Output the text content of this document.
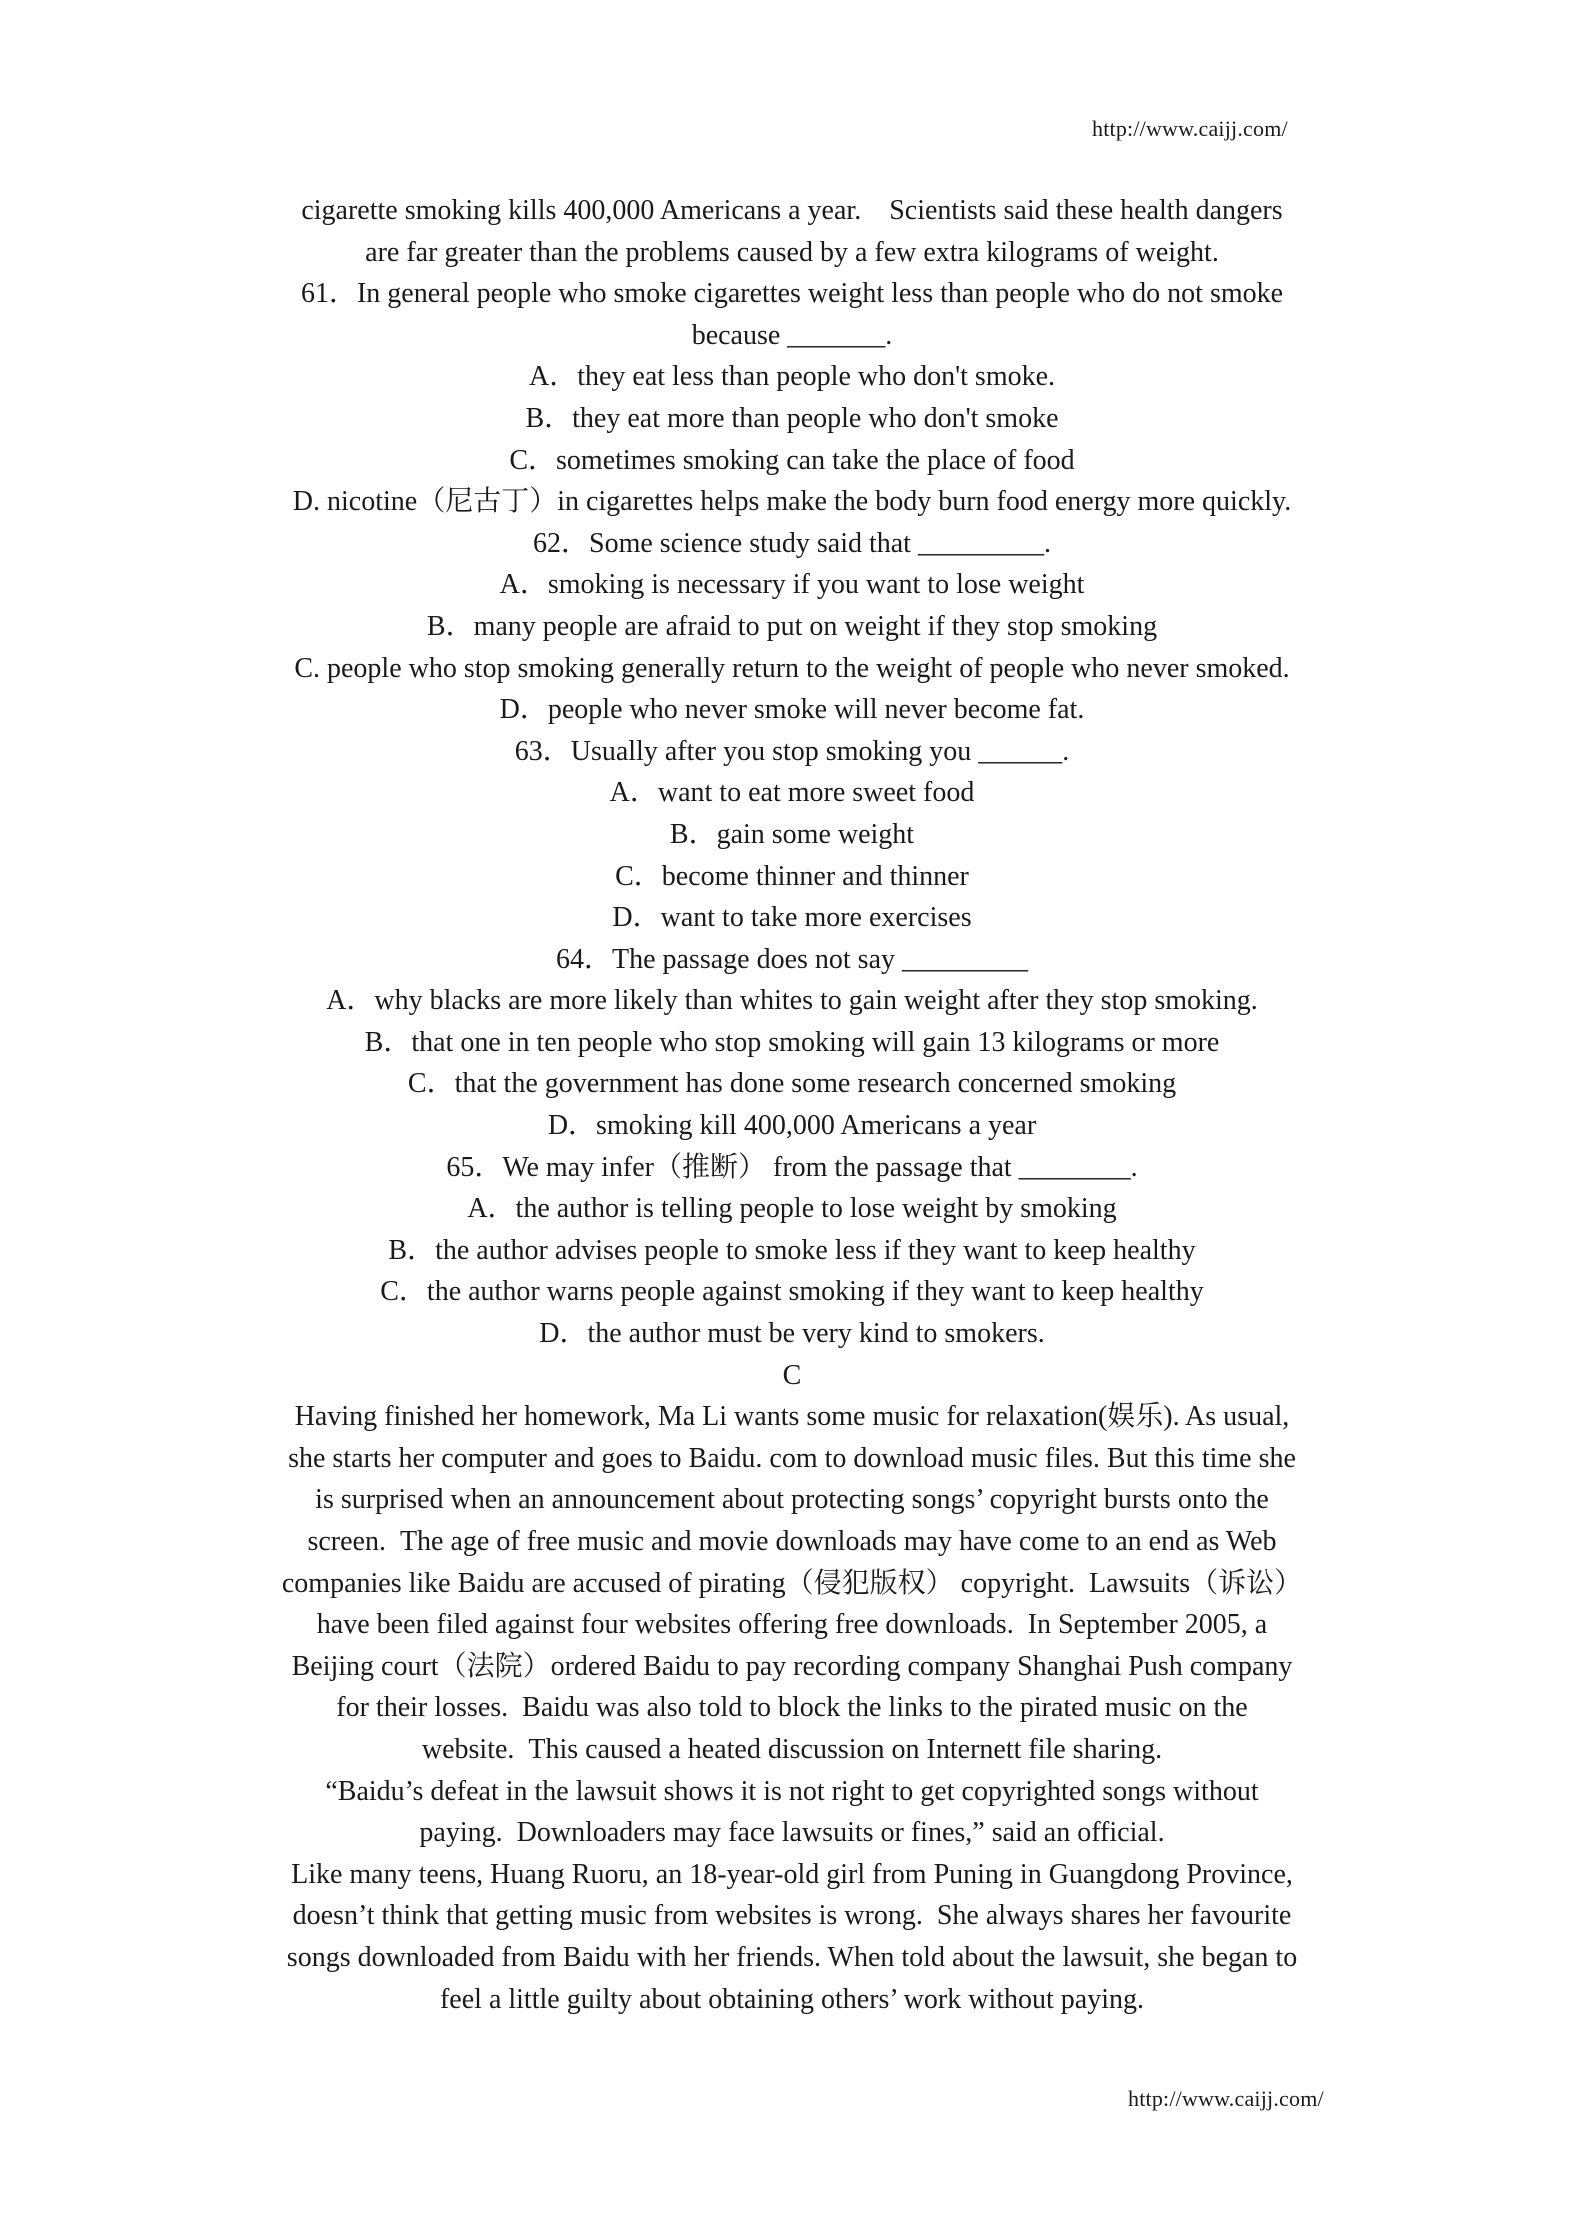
http://www.caijj.com/
cigarette smoking kills 400,000 Americans a year. Scientists said these health dangers
are far greater than the problems caused by a few extra kilograms of weight.
61．In general people who smoke cigarettes weight less than people who do not smoke
because _______.
A．they eat less than people who don't smoke.
B．they eat more than people who don't smoke
C．sometimes smoking can take the place of food
D. nicotine（尼古丁）in cigarettes helps make the body burn food energy more quickly.
62．Some science study said that _________.
A．smoking is necessary if you want to lose weight
B．many people are afraid to put on weight if they stop smoking
C. people who stop smoking generally return to the weight of people who never smoked.
D．people who never smoke will never become fat.
63．Usually after you stop smoking you ______.
A．want to eat more sweet food
B．gain some weight
C．become thinner and thinner
D．want to take more exercises
64．The passage does not say _________
A．why blacks are more likely than whites to gain weight after they stop smoking.
B．that one in ten people who stop smoking will gain 13 kilograms or more
C．that the government has done some research concerned smoking
D．smoking kill 400,000 Americans a year
65．We may infer（推断） from the passage that ________.
A．the author is telling people to lose weight by smoking
B．the author advises people to smoke less if they want to keep healthy
C．the author warns people against smoking if they want to keep healthy
D．the author must be very kind to smokers.
C
Having finished her homework, Ma Li wants some music for relaxation(娱乐). As usual,
she starts her computer and goes to Baidu. com to download music files. But this time she
is surprised when an announcement about protecting songs’ copyright bursts onto the
screen. The age of free music and movie downloads may have come to an end as Web
companies like Baidu are accused of pirating（侵犯版权） copyright. Lawsuits（诉讼）
have been filed against four websites offering free downloads. In September 2005, a
Beijing court（法院）ordered Baidu to pay recording company Shanghai Push company
for their losses. Baidu was also told to block the links to the pirated music on the
website. This caused a heated discussion on Internett file sharing.
“Baidu’s defeat in the lawsuit shows it is not right to get copyrighted songs without
paying. Downloaders may face lawsuits or fines,” said an official.
Like many teens, Huang Ruoru, an 18-year-old girl from Puning in Guangdong Province,
doesn’t think that getting music from websites is wrong. She always shares her favourite
songs downloaded from Baidu with her friends. When told about the lawsuit, she began to
feel a little guilty about obtaining others’ work without paying.
http://www.caijj.com/
